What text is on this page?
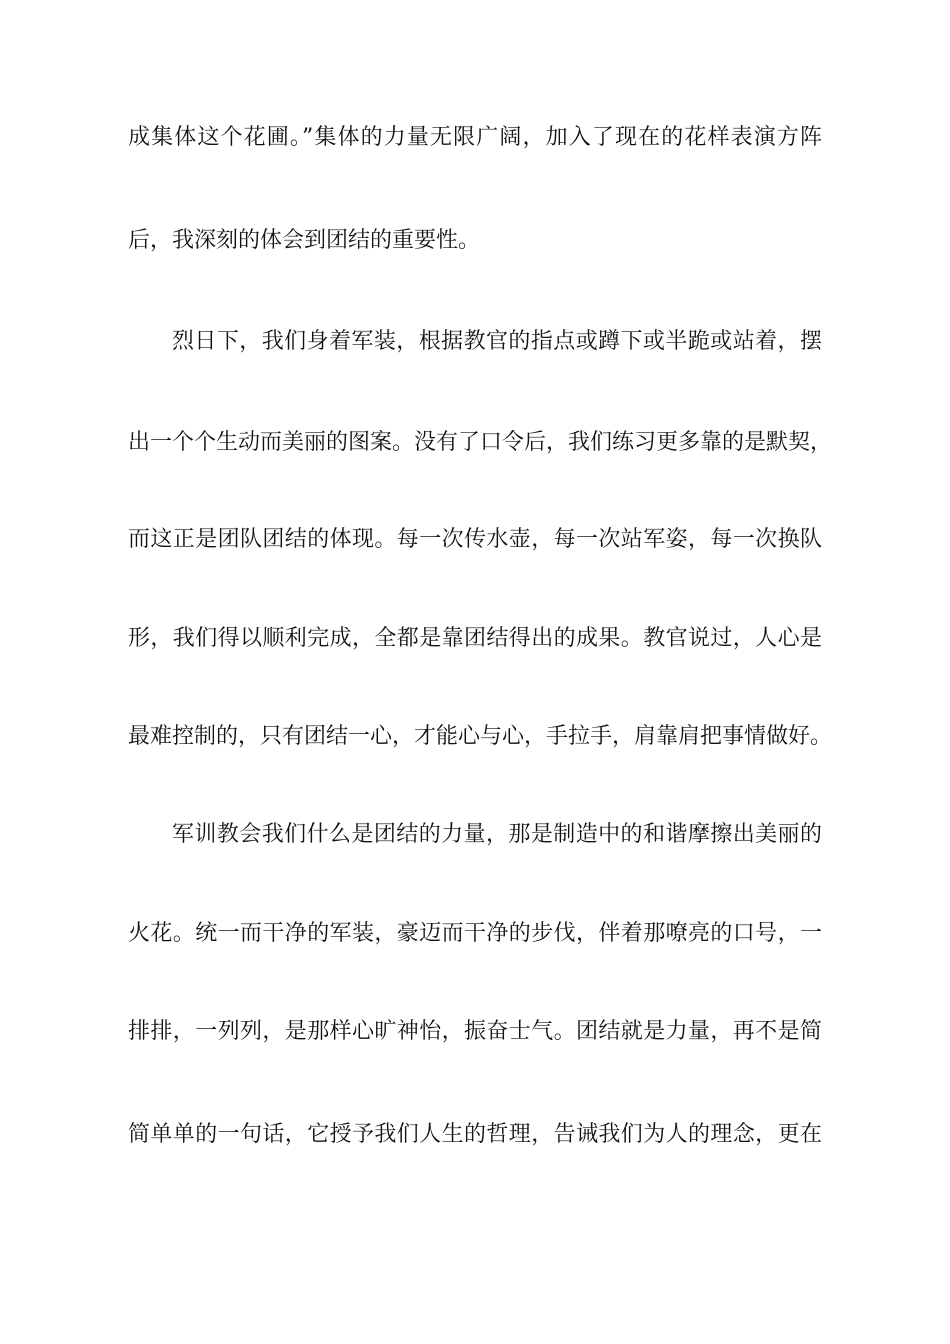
成集体这个花圃。”集体的力量无限广阔，加入了现在的花样表演方阵
后，我深刻的体会到团结的重要性。
烈日下，我们身着军装，根据教官的指点或蹲下或半跪或站着，摆
出一个个生动而美丽的图案。没有了口令后，我们练习更多靠的是默契，
而这正是团队团结的体现。每一次传水壶，每一次站军姿，每一次换队
形，我们得以顺利完成，全都是靠团结得出的成果。教官说过，人心是
最难控制的，只有团结一心，才能心与心，手拉手，肩靠肩把事情做好。
军训教会我们什么是团结的力量，那是制造中的和谐摩擦出美丽的
火花。统一而干净的军装，豪迈而干净的步伐，伴着那嘹亮的口号，一
排排，一列列，是那样心旷神怡，振奋士气。团结就是力量，再不是简
简单单的一句话，它授予我们人生的哲理，告诫我们为人的理念，更在
